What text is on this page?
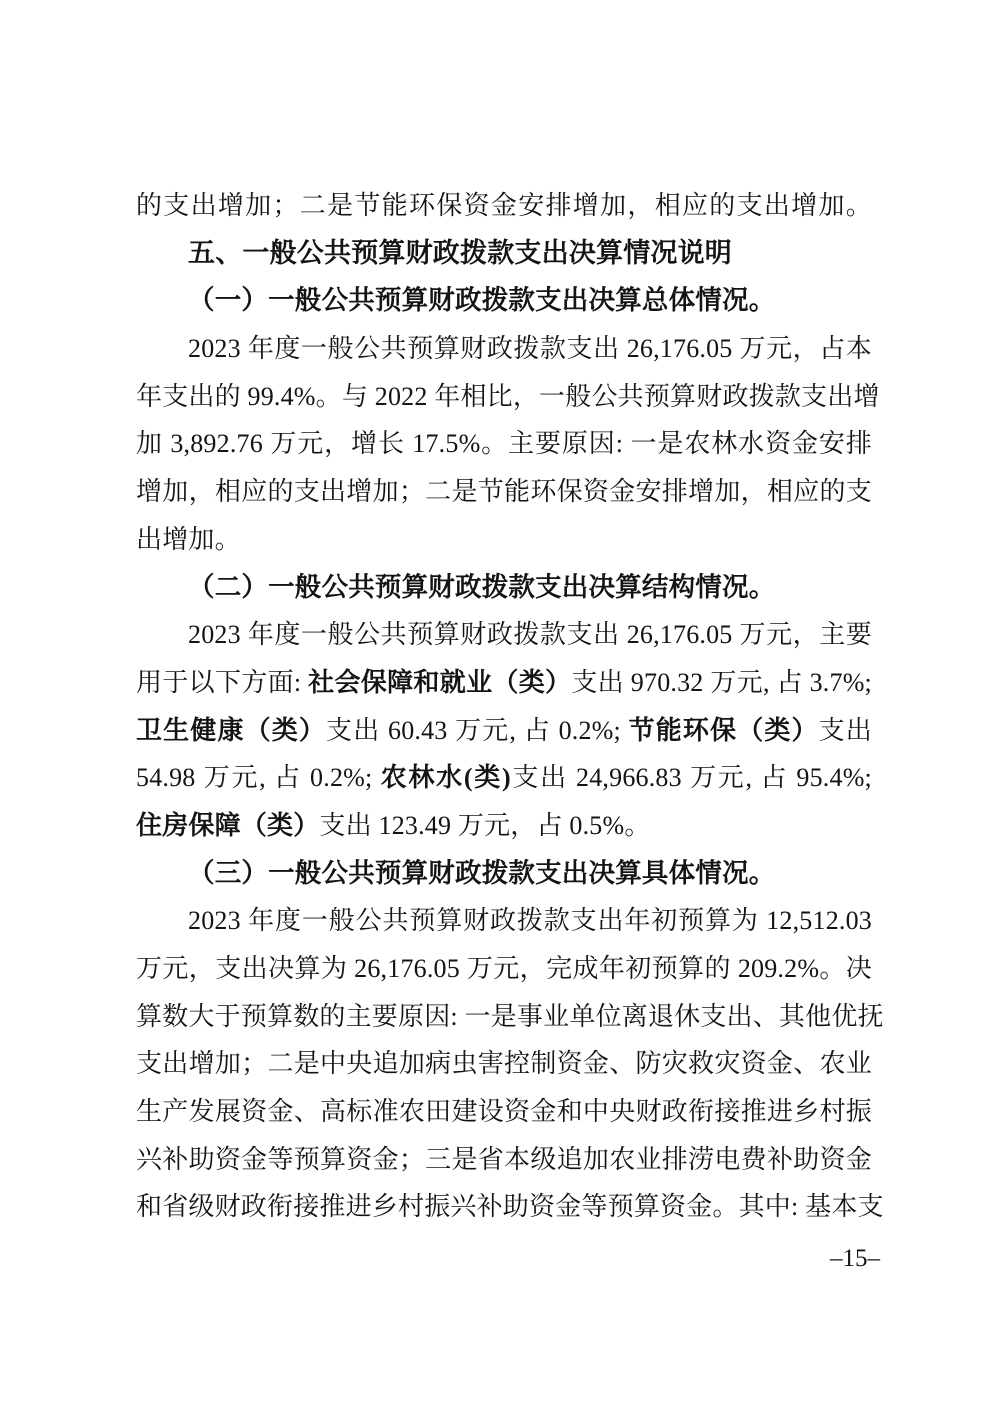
的支出增加；二是节能环保资金安排增加，相应的支出增加。
五、一般公共预算财政拨款支出决算情况说明
（一）一般公共预算财政拨款支出决算总体情况。
2023 年度一般公共预算财政拨款支出 26,176.05 万元，占本
年支出的 99.4%。与 2022 年相比，一般公共预算财政拨款支出增
加 3,892.76 万元，增长 17.5%。主要原因: 一是农林水资金安排
增加，相应的支出增加；二是节能环保资金安排增加，相应的支
出增加。
（二）一般公共预算财政拨款支出决算结构情况。
2023 年度一般公共预算财政拨款支出 26,176.05 万元，主要
用于以下方面: 社会保障和就业（类）支出 970.32 万元, 占 3.7%;
卫生健康（类）支出 60.43 万元, 占 0.2%; 节能环保（类）支出
54.98 万元, 占 0.2%; 农林水(类)支出 24,966.83 万元, 占 95.4%;
住房保障（类）支出 123.49 万元，占 0.5%。
（三）一般公共预算财政拨款支出决算具体情况。
2023 年度一般公共预算财政拨款支出年初预算为 12,512.03
万元，支出决算为 26,176.05 万元，完成年初预算的 209.2%。决
算数大于预算数的主要原因: 一是事业单位离退休支出、其他优抚
支出增加；二是中央追加病虫害控制资金、防灾救灾资金、农业
生产发展资金、高标准农田建设资金和中央财政衔接推进乡村振
兴补助资金等预算资金；三是省本级追加农业排涝电费补助资金
和省级财政衔接推进乡村振兴补助资金等预算资金。其中: 基本支
–15–
